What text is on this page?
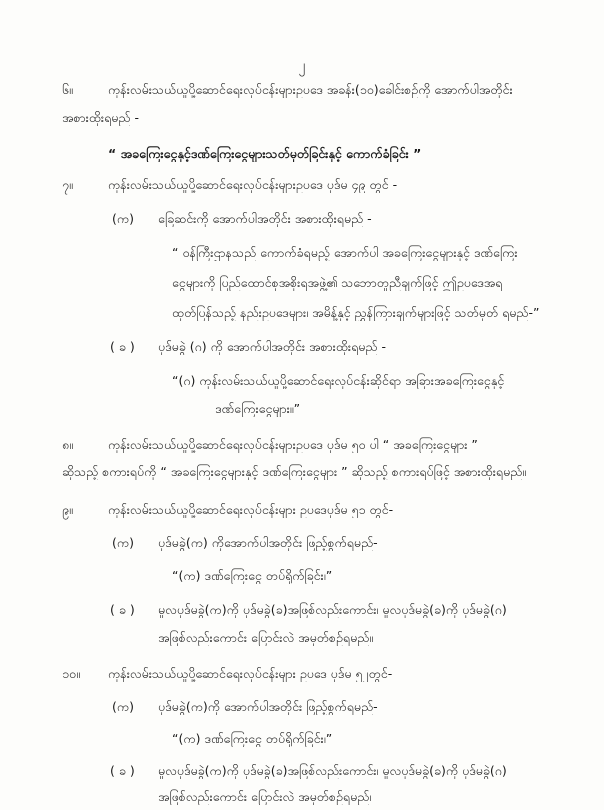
၂
၆။	ကုန်းလမ်းသယ်ယူပို့ဆောင်ရေးလုပ်ငန်းများဥပဒေ အခန်း(၁၀)ခေါင်းစဉ်ကို အောက်ပါအတိုင်း
အစားထိုးရမည် -
“ အခကြေးငွေနှင့်ဒဏ်ကြေးငွေများသတ်မှတ်ခြင်းနှင့် ကောက်ခံခြင်း ”
၇။	ကုန်းလမ်းသယ်ယူပို့ဆောင်ရေးလုပ်ငန်းများဥပဒေ ပုဒ်မ ၄၉ တွင် -
(က) ခြေဆင်းကို အောက်ပါအတိုင်း အစားထိုးရမည် -
“ ဝန်ကြီးဌာနသည် ကောက်ခံရမည့် အောက်ပါ အခကြေးငွေများနှင့် ဒဏ်ကြေး
ငွေများကို ပြည်ထောင်စုအစိုးရအဖွဲ့၏ သဘောတူညီချက်ဖြင့် ဤဥပဒေအရ
ထုတ်ပြန်သည့် နည်းဥပဒေများ၊ အမိန့်နှင့် ညွှန်ကြားချက်များဖြင့် သတ်မှတ် ရမည်-”
( ခ ) ပုဒ်မခွဲ (ဂ) ကို အောက်ပါအတိုင်း အစားထိုးရမည် -
“(ဂ) ကုန်းလမ်းသယ်ယူပို့ဆောင်ရေးလုပ်ငန်းဆိုင်ရာ အခြားအခကြေးငွေနှင့်
ဒဏ်ကြေးငွေများ။”
၈။	ကုန်းလမ်းသယ်ယူပို့ဆောင်ရေးလုပ်ငန်းများဥပဒေ ပုဒ်မ ၅၀ ပါ “ အခကြေးငွေများ ”
ဆိုသည့် စကားရပ်ကို “ အခကြေးငွေများနှင့် ဒဏ်ကြေးငွေများ ” ဆိုသည့် စကားရပ်ဖြင့် အစားထိုးရမည်။
၉။	ကုန်းလမ်းသယ်ယူပို့ဆောင်ရေးလုပ်ငန်းများ ဥပဒေပုဒ်မ ၅၁ တွင်-
(က) ပုဒ်မခွဲ(က) ကိုအောက်ပါအတိုင်း ဖြည့်စွက်ရမည်-
“(က) ဒဏ်ကြေးငွေ တပ်ရိုက်ခြင်း၊”
( ခ ) မူလပုဒ်မခွဲ(က)ကို ပုဒ်မခွဲ(ခ)အဖြစ်လည်းကောင်း၊ မူလပုဒ်မခွဲ(ခ)ကို ပုဒ်မခွဲ(ဂ)
အဖြစ်လည်းကောင်း ပြောင်းလဲ အမှတ်စဉ်ရမည်။
၁၀။ ကုန်းလမ်းသယ်ယူပို့ဆောင်ရေးလုပ်ငန်းများ ဥပဒေ ပုဒ်မ ၅၂တွင်-
(က) ပုဒ်မခွဲ(က)ကို အောက်ပါအတိုင်း ဖြည့်စွက်ရမည်-
“(က) ဒဏ်ကြေးငွေ တပ်ရိုက်ခြင်း၊”
( ခ ) မူလပုဒ်မခွဲ(က)ကို ပုဒ်မခွဲ(ခ)အဖြစ်လည်းကောင်း၊ မူလပုဒ်မခွဲ(ခ)ကို ပုဒ်မခွဲ(ဂ)
အဖြစ်လည်းကောင်း ပြောင်းလဲ အမှတ်စဉ်ရမည်၊
